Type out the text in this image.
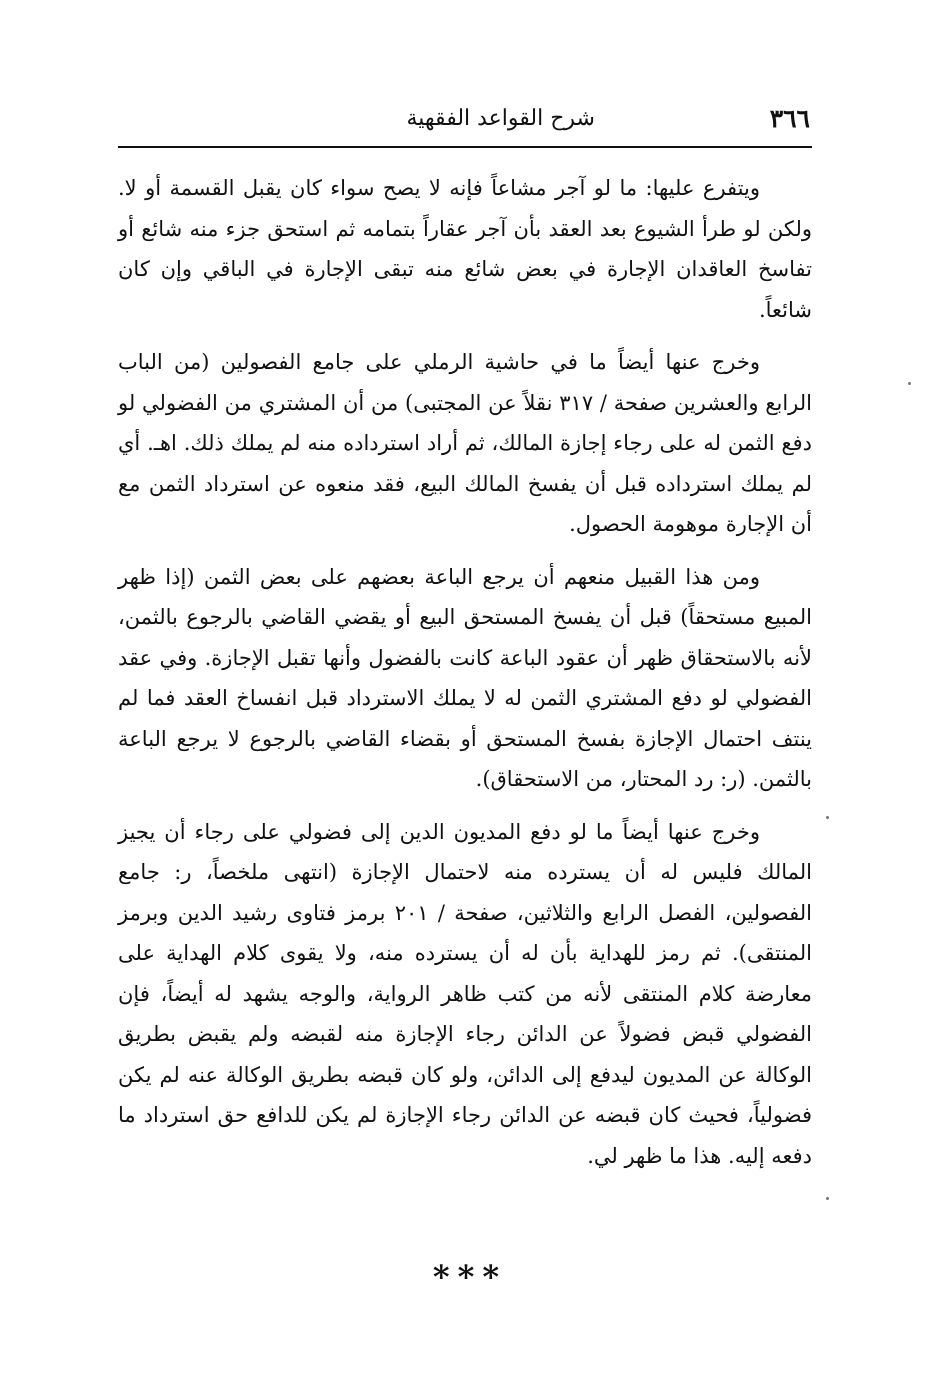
٣٦٦
شرح القواعد الفقهية

ويتفرع عليها: ما لو آجر مشاعاً فإنه لا يصح سواء كان يقبل القسمة أو لا. ولكن لو طرأ الشيوع بعد العقد بأن آجر عقاراً بتمامه ثم استحق جزء منه شائع أو تفاسخ العاقدان الإجارة في بعض شائع منه تبقى الإجارة في الباقي وإن كان شائعاً.

وخرج عنها أيضاً ما في حاشية الرملي على جامع الفصولين (من الباب الرابع والعشرين صفحة / ٣١٧ نقلاً عن المجتبى) من أن المشتري من الفضولي لو دفع الثمن له على رجاء إجازة المالك، ثم أراد استرداده منه لم يملك ذلك. اهـ. أي لم يملك استرداده قبل أن يفسخ المالك البيع، فقد منعوه عن استرداد الثمن مع أن الإجارة موهومة الحصول.

ومن هذا القبيل منعهم أن يرجع الباعة بعضهم على بعض الثمن (إذا ظهر المبيع مستحقاً) قبل أن يفسخ المستحق البيع أو يقضي القاضي بالرجوع بالثمن، لأنه بالاستحقاق ظهر أن عقود الباعة كانت بالفضول وأنها تقبل الإجازة. وفي عقد الفضولي لو دفع المشتري الثمن له لا يملك الاسترداد قبل انفساخ العقد فما لم ينتف احتمال الإجازة بفسخ المستحق أو بقضاء القاضي بالرجوع لا يرجع الباعة بالثمن. (ر: رد المحتار، من الاستحقاق).

وخرج عنها أيضاً ما لو دفع المديون الدين إلى فضولي على رجاء أن يجيز المالك فليس له أن يسترده منه لاحتمال الإجازة (انتهى ملخصاً، ر: جامع الفصولين، الفصل الرابع والثلاثين، صفحة / ٢٠١ برمز فتاوى رشيد الدين وبرمز المنتقى). ثم رمز للهداية بأن له أن يسترده منه، ولا يقوى كلام الهداية على معارضة كلام المنتقى لأنه من كتب ظاهر الرواية، والوجه يشهد له أيضاً، فإن الفضولي قبض فضولاً عن الدائن رجاء الإجازة منه لقبضه ولم يقبض بطريق الوكالة عن المديون ليدفع إلى الدائن، ولو كان قبضه بطريق الوكالة عنه لم يكن فضولياً، فحيث كان قبضه عن الدائن رجاء الإجازة لم يكن للدافع حق استرداد ما دفعه إليه. هذا ما ظهر لي.

***
